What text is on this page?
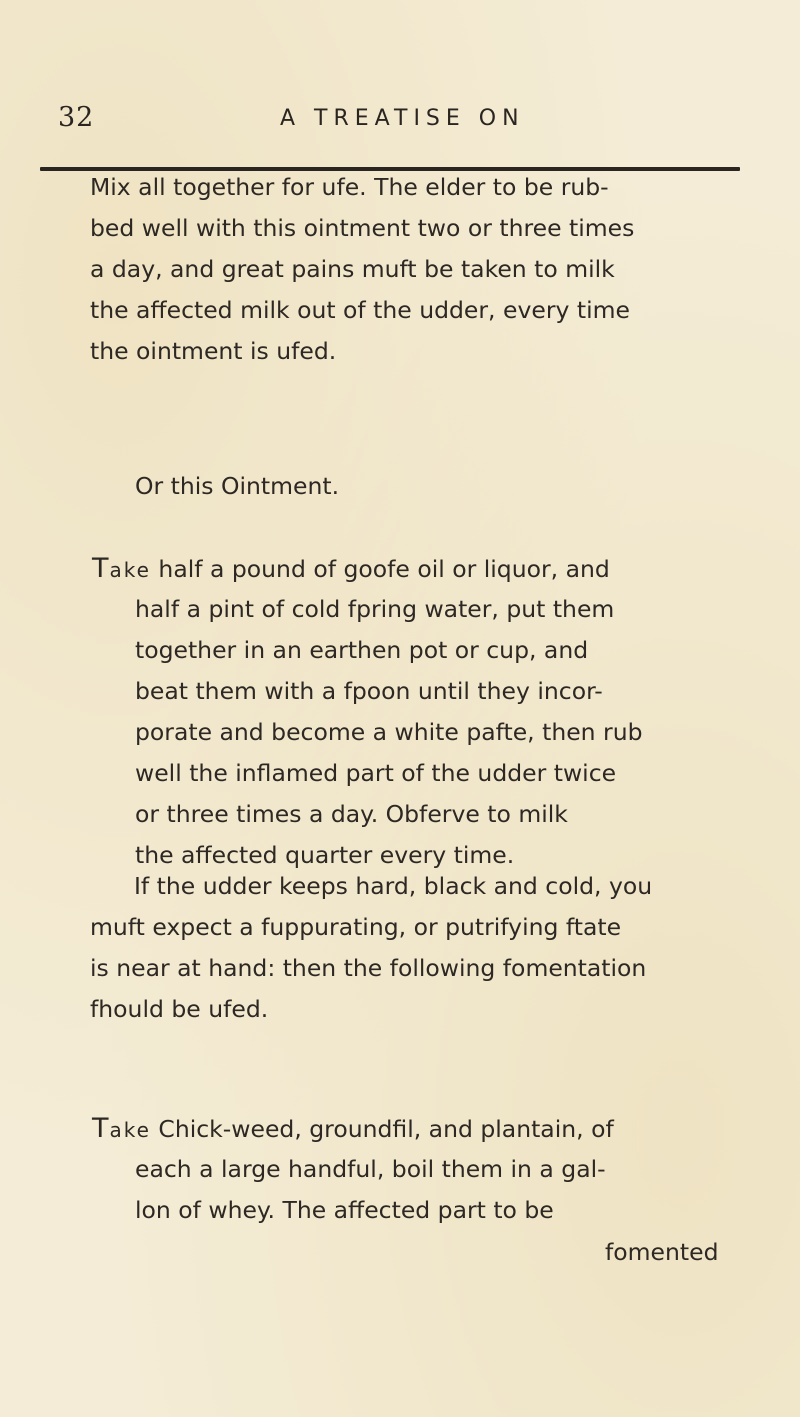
32	A TREATISE ON
Mix all together for ufe. The elder to be rub-
bed well with this ointment two or three times
a day, and great pains muft be taken to milk
the affected milk out of the udder, every time
the ointment is ufed.
Or this Ointment.
Take half a pound of goofe oil or liquor, and
half a pint of cold fpring water, put them
together in an earthen pot or cup, and
beat them with a fpoon until they incor-
porate and become a white pafte, then rub
well the inflamed part of the udder twice
or three times a day. Obferve to milk
the affected quarter every time.
If the udder keeps hard, black and cold, you
muft expect a fuppurating, or putrifying ftate
is near at hand: then the following fomentation
fhould be ufed.
Take Chick-weed, groundfil, and plantain, of
each a large handful, boil them in a gal-
lon of whey. The affected part to be
fomented
